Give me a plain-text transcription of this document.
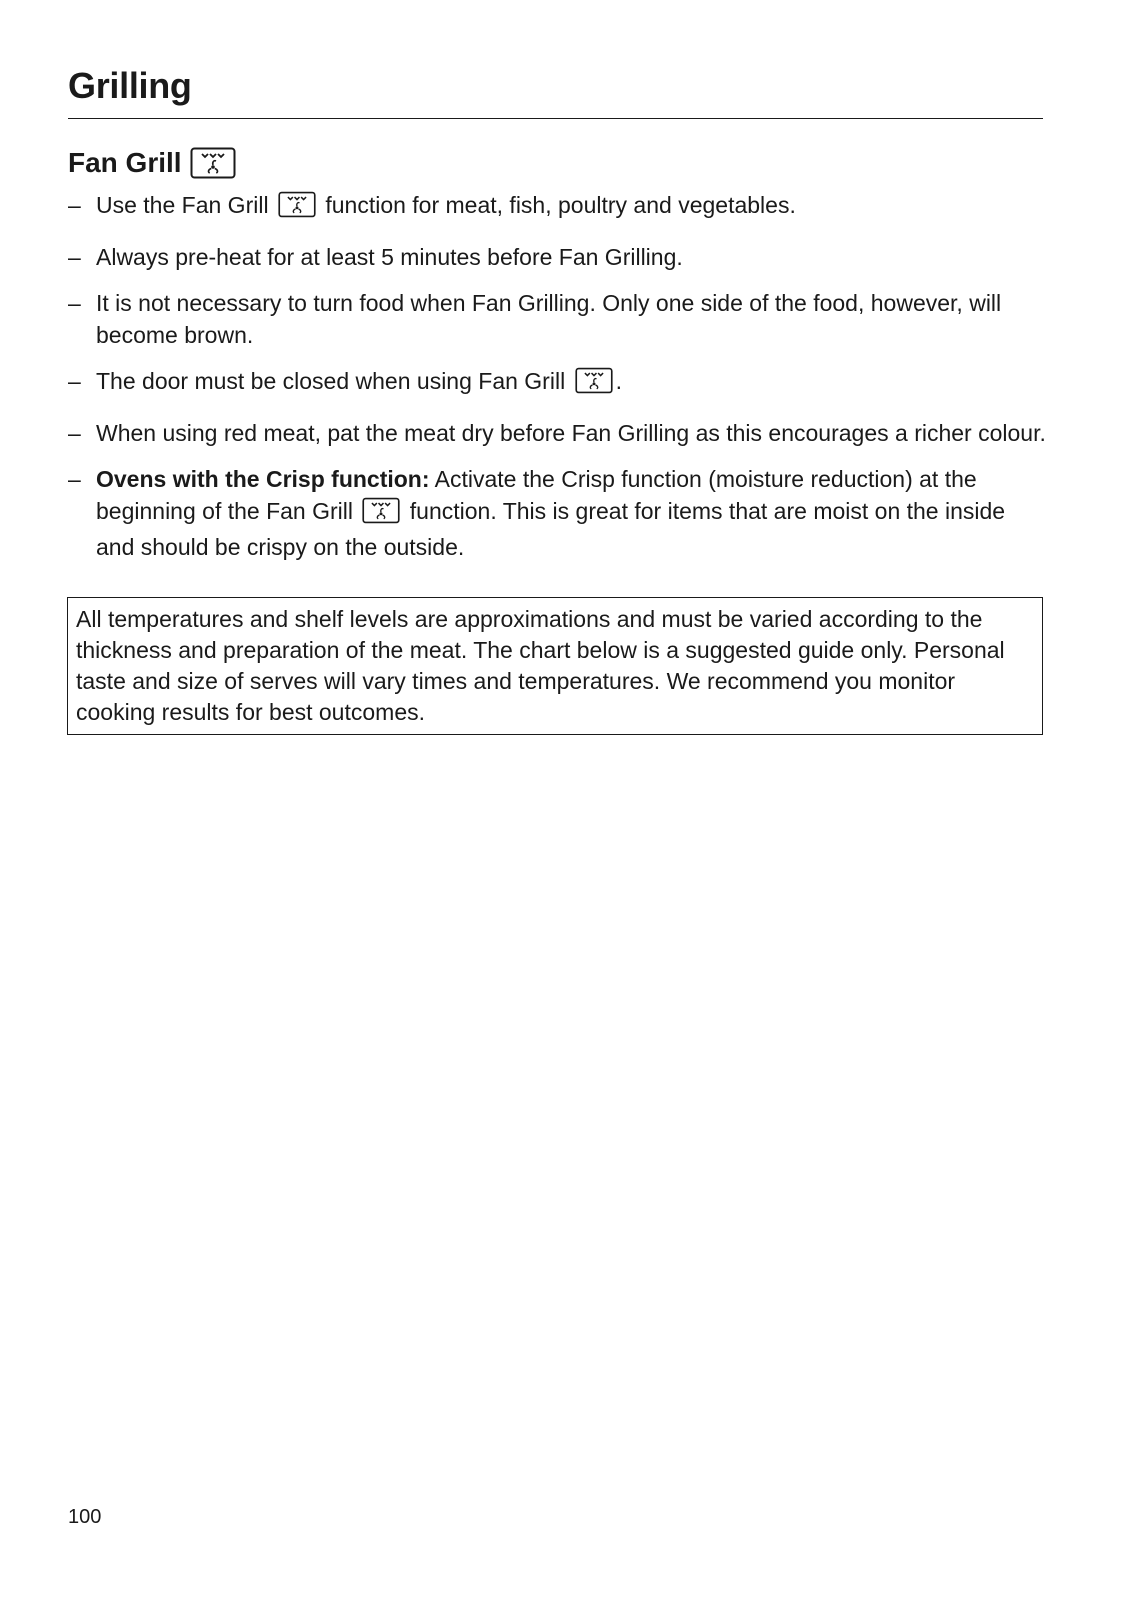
Grilling
Fan Grill
– Use the Fan Grill function for meat, fish, poultry and vegetables.
– Always pre-heat for at least 5 minutes before Fan Grilling.
– It is not necessary to turn food when Fan Grilling. Only one side of the food, however, will become brown.
– The door must be closed when using Fan Grill .
– When using red meat, pat the meat dry before Fan Grilling as this encourages a richer colour.
– Ovens with the Crisp function: Activate the Crisp function (moisture reduction) at the beginning of the Fan Grill function. This is great for items that are moist on the inside and should be crispy on the outside.
All temperatures and shelf levels are approximations and must be varied according to the thickness and preparation of the meat. The chart below is a suggested guide only. Personal taste and size of serves will vary times and temperatures. We recommend you monitor cooking results for best outcomes.
100
